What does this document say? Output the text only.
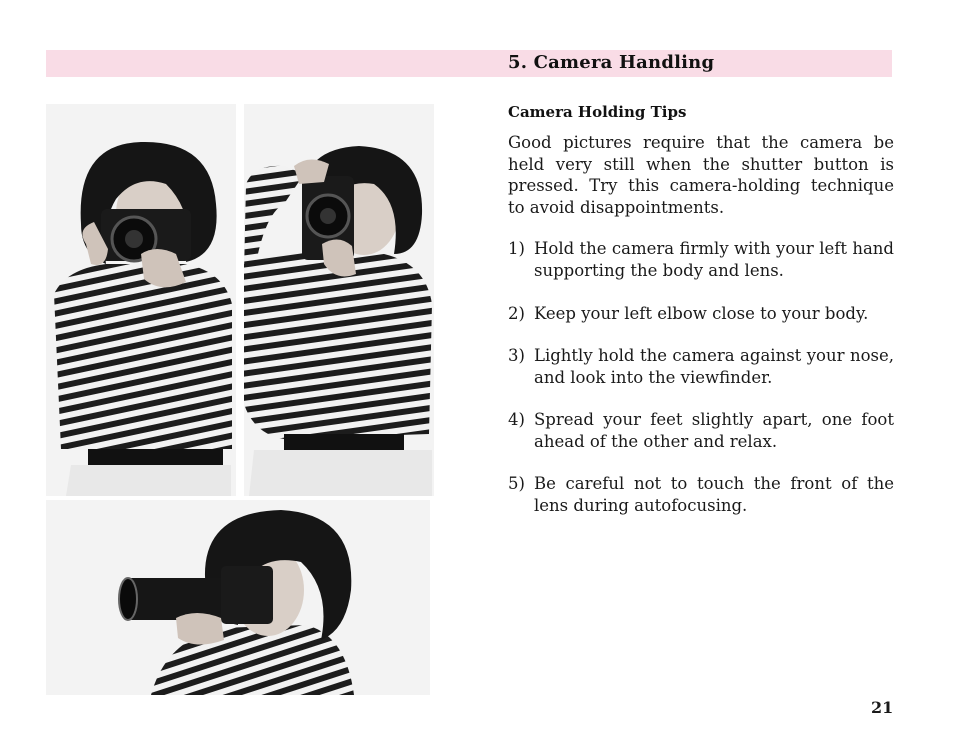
5. Camera Handling
Camera Holding Tips

Good pictures require that the camera be held very still when the shutter button is pressed. Try this camera-holding technique to avoid disappointments.

1) Hold the camera firmly with your left hand supporting the body and lens.
2) Keep your left elbow close to your body.
3) Lightly hold the camera against your nose, and look into the viewfinder.
4) Spread your feet slightly apart, one foot ahead of the other and relax.
5) Be careful not to touch the front of the lens during autofocusing.
21
